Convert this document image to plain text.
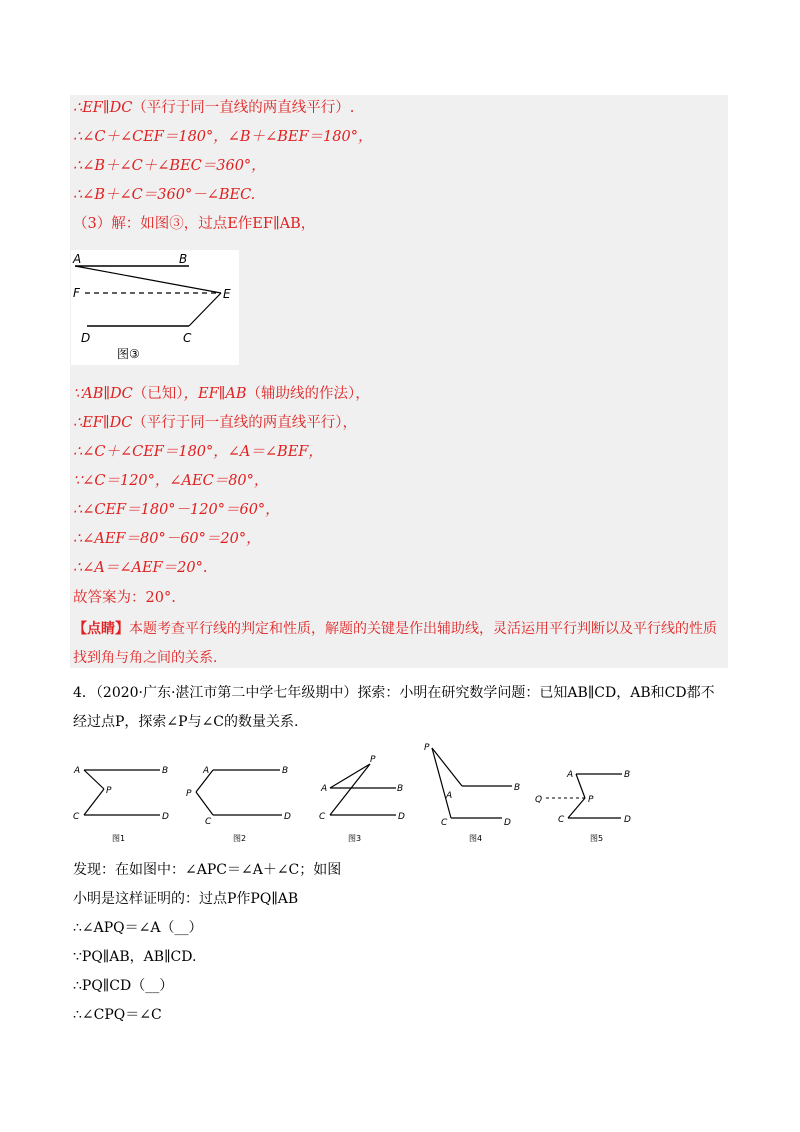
∴EF∥DC（平行于同一直线的两直线平行）.
∴∠C＋∠CEF＝180°，∠B＋∠BEF＝180°，
∴∠B＋∠C＋∠BEC＝360°，
∴∠B＋∠C＝360°－∠BEC.
（3）解：如图③，过点E作EF∥AB，
A	B
F	E
D	C
图③
∵AB∥DC（已知），EF∥AB（辅助线的作法），
∴EF∥DC（平行于同一直线的两直线平行），
∴∠C＋∠CEF＝180°，∠A＝∠BEF，
∵∠C＝120°，∠AEC＝80°，
∴∠CEF＝180°－120°＝60°，
∴∠AEF＝80°－60°＝20°，
∴∠A＝∠AEF＝20°.
故答案为：20°.
【点睛】本题考查平行线的判定和性质，解题的关键是作出辅助线，灵活运用平行判断以及平行线的性质
找到角与角之间的关系.
4．（2020·广东·湛江市第二中学七年级期中）探索：小明在研究数学问题：已知AB∥CD，AB和CD都不
经过点P，探索∠P与∠C的数量关系.
A	B
P
C	D
图1
A	B
P
C	D
图2
A	B
P
C	D
图3
P
A
B
C	D
图4
A	B
Q	P
C	D
图5
发现：在如图中：∠APC＝∠A＋∠C；如图
小明是这样证明的：过点P作PQ∥AB
∴∠APQ＝∠A（__）
∵PQ∥AB，AB∥CD.
∴PQ∥CD（__）
∴∠CPQ＝∠C
